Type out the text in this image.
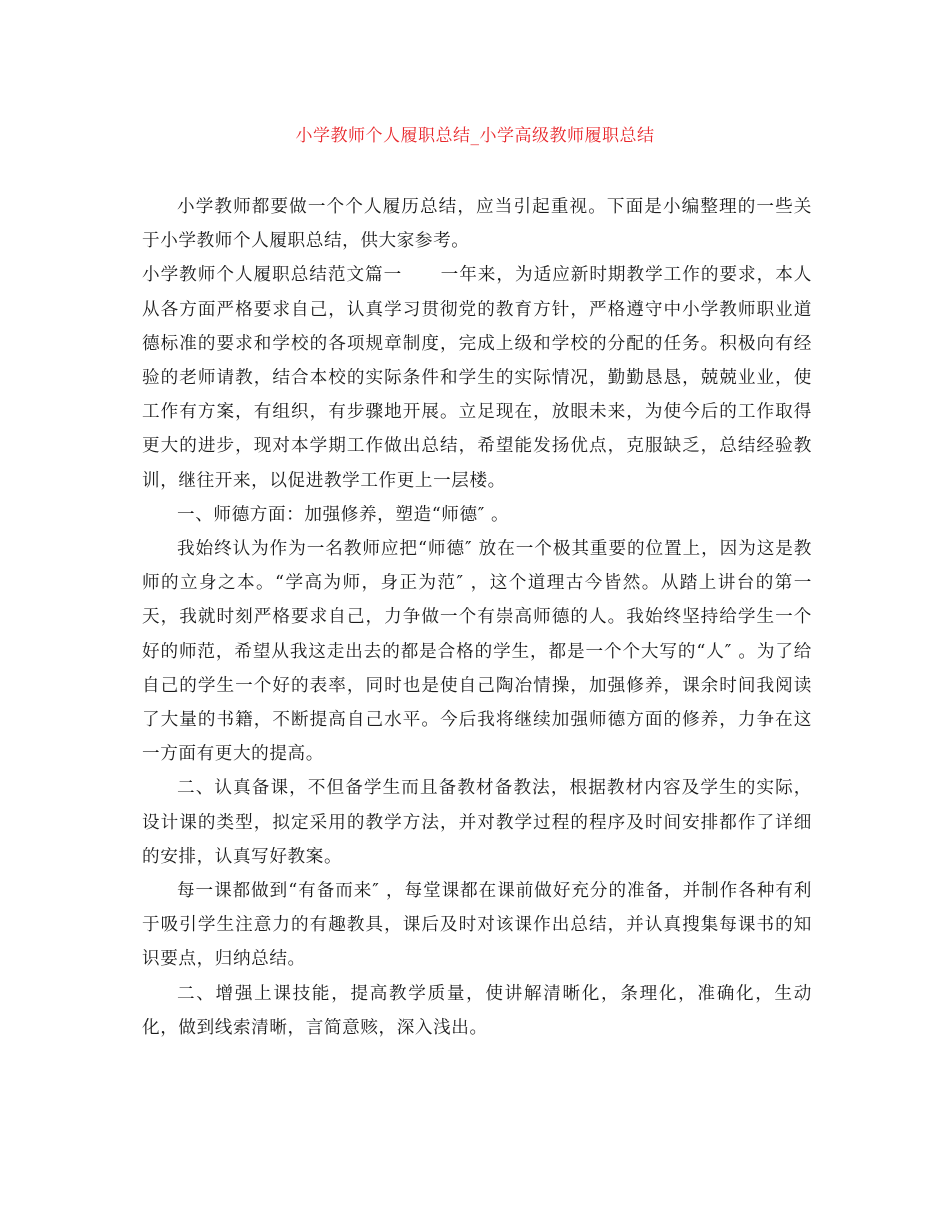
小学教师个人履职总结_小学高级教师履职总结

小学教师都要做一个个人履历总结，应当引起重视。下面是小编整理的一些关于小学教师个人履职总结，供大家参考。

小学教师个人履职总结范文篇一 一年来，为适应新时期教学工作的要求，本人从各方面严格要求自己，认真学习贯彻党的教育方针，严格遵守中小学教师职业道德标准的要求和学校的各项规章制度，完成上级和学校的分配的任务。积极向有经验的老师请教，结合本校的实际条件和学生的实际情况，勤勤恳恳，兢兢业业，使工作有方案，有组织，有步骤地开展。立足现在，放眼未来，为使今后的工作取得更大的进步，现对本学期工作做出总结，希望能发扬优点，克服缺乏，总结经验教训，继往开来，以促进教学工作更上一层楼。

一、师德方面：加强修养，塑造“师德″ 。

我始终认为作为一名教师应把“师德″ 放在一个极其重要的位置上，因为这是教师的立身之本。“学高为师，身正为范″ ，这个道理古今皆然。从踏上讲台的第一天，我就时刻严格要求自己，力争做一个有崇高师德的人。我始终坚持给学生一个好的师范，希望从我这走出去的都是合格的学生，都是一个个大写的“人″ 。为了给自己的学生一个好的表率，同时也是使自己陶冶情操，加强修养，课余时间我阅读了大量的书籍，不断提高自己水平。今后我将继续加强师德方面的修养，力争在这一方面有更大的提高。

二、认真备课，不但备学生而且备教材备教法，根据教材内容及学生的实际，设计课的类型，拟定采用的教学方法，并对教学过程的程序及时间安排都作了详细的安排，认真写好教案。

每一课都做到“有备而来″ ，每堂课都在课前做好充分的准备，并制作各种有利于吸引学生注意力的有趣教具，课后及时对该课作出总结，并认真搜集每课书的知识要点，归纳总结。

二、增强上课技能，提高教学质量，使讲解清晰化，条理化，准确化，生动化，做到线索清晰，言简意赅，深入浅出。
